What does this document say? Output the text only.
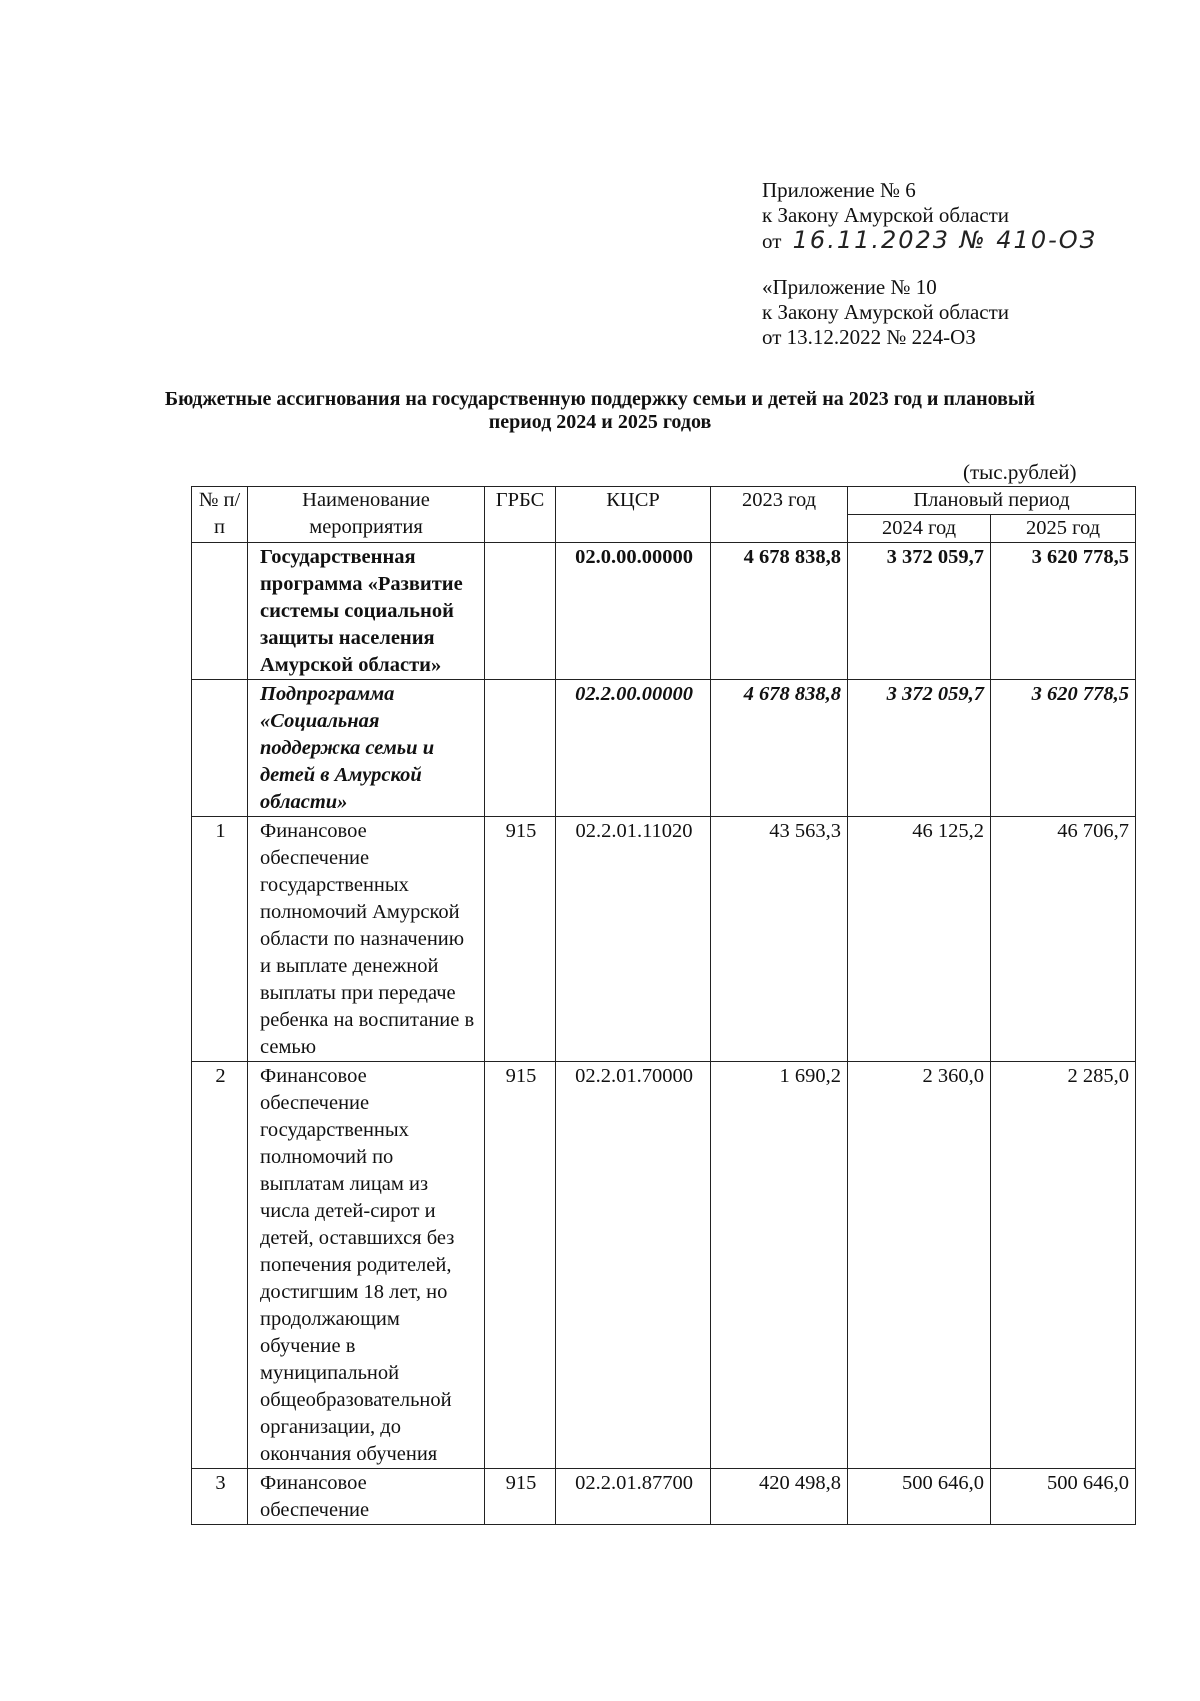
Приложение № 6
к Закону Амурской области
от 16.11.2023 № 410-ОЗ
«Приложение № 10
к Закону Амурской области
от 13.12.2022 № 224-ОЗ
Бюджетные ассигнования на государственную поддержку семьи и детей на 2023 год и плановый период 2024 и 2025 годов
(тыс.рублей)
№ п/п	Наименование мероприятия	ГРБС	КЦСР	2023 год	Плановый период	
					2024 год	2025 год
	Государственная программа «Развитие системы социальной защиты населения Амурской области»		02.0.00.00000	4 678 838,8	3 372 059,7	3 620 778,5
	Подпрограмма «Социальная поддержка семьи и детей в Амурской области»		02.2.00.00000	4 678 838,8	3 372 059,7	3 620 778,5
1	Финансовое обеспечение государственных полномочий Амурской области по назначению и выплате денежной выплаты при передаче ребенка на воспитание в семью	915	02.2.01.11020	43 563,3	46 125,2	46 706,7
2	Финансовое обеспечение государственных полномочий по выплатам лицам из числа детей-сирот и детей, оставшихся без попечения родителей, достигшим 18 лет, но продолжающим обучение в муниципальной общеобразовательной организации, до окончания обучения	915	02.2.01.70000	1 690,2	2 360,0	2 285,0
3	Финансовое обеспечение	915	02.2.01.87700	420 498,8	500 646,0	500 646,0
